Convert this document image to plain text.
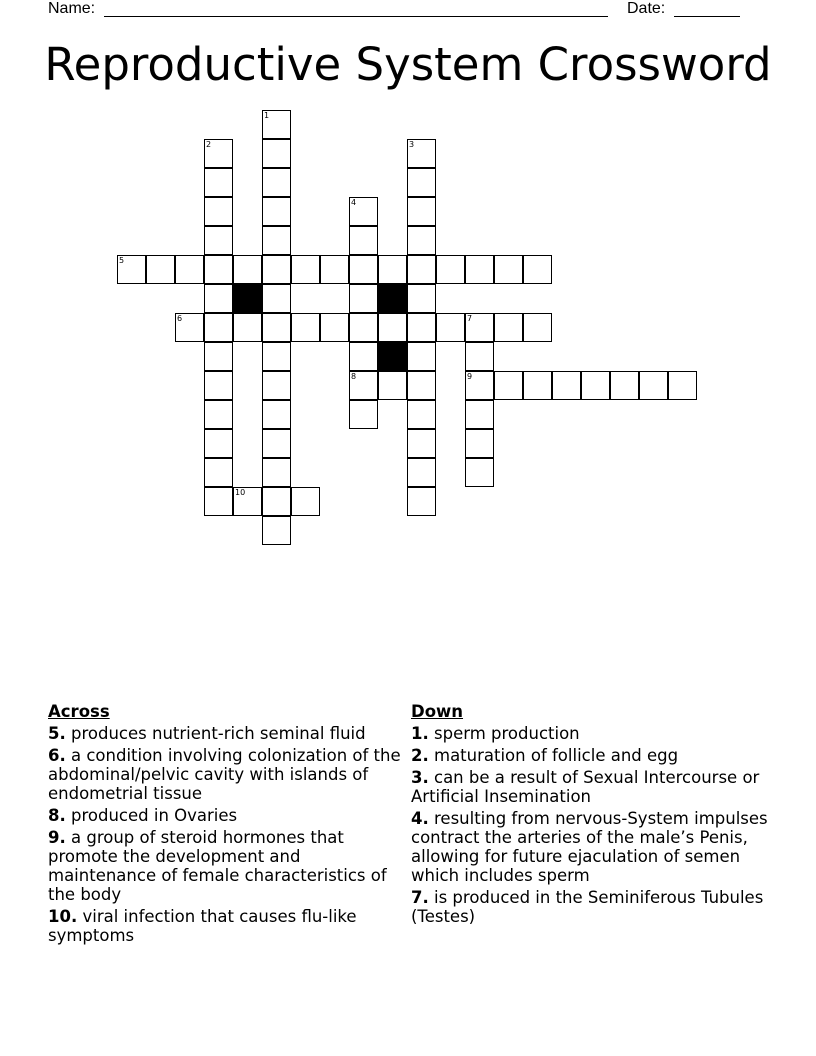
Name:	Date:
Reproductive System Crossword
1
2	3
4
8
5
6	7
9
10
Across
5. produces nutrient-rich seminal fluid
6. a condition involving colonization of the abdominal/pelvic cavity with islands of endometrial tissue
8. produced in Ovaries
9. a group of steroid hormones that promote the development and maintenance of female characteristics of the body
10. viral infection that causes flu-like symptoms
Down
1. sperm production
2. maturation of follicle and egg
3. can be a result of Sexual Intercourse or Artificial Insemination
4. resulting from nervous-System impulses contract the arteries of the male’s Penis, allowing for future ejaculation of semen which includes sperm
7. is produced in the Seminiferous Tubules (Testes)
